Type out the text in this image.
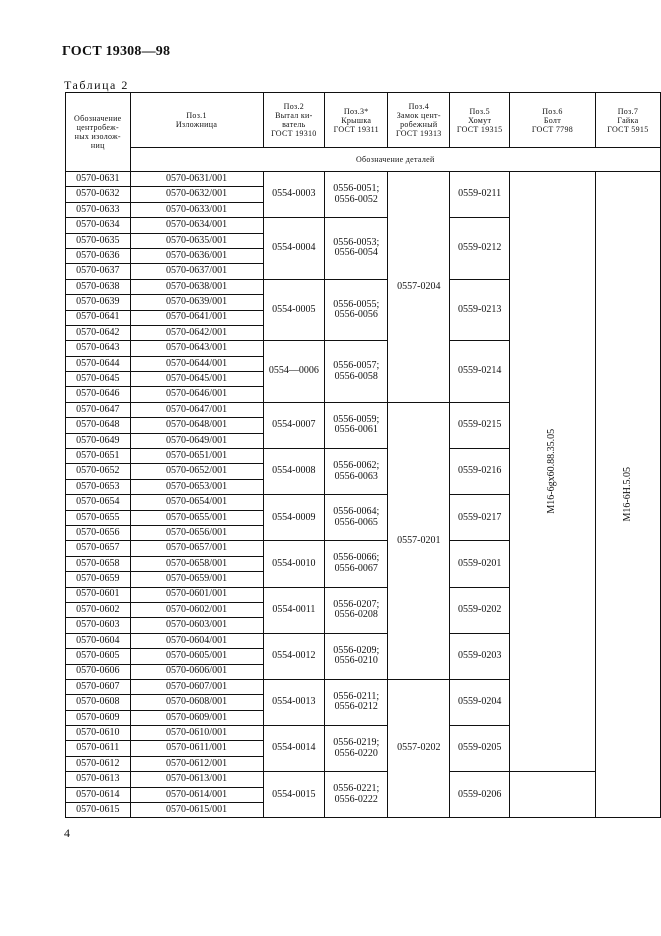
ГОСТ 19308—98
Таблица 2
Обозначение
центробеж-
ных изолож-
ниц	Поз.1
Изложница	Поз.2
Вытал ки-
ватель
ГОСТ 19310	Поз.3*
Крышка
ГОСТ 19311	Поз.4
Замок цент-
робежный
ГОСТ 19313	Поз.5
Хомут
ГОСТ 19315	Поз.6
Болт
ГОСТ 7798	Поз.7
Гайка
ГОСТ 5915
	Обозначение деталей						
0570-0631	0570-0631/001	0554-0003	0556-0051;
0556-0052	0557-0204	0559-0211	M16-6gх60.88.35.05	M16-6H.5.05
0570-0632	0570-0632/001						
0570-0633	0570-0633/001						
0570-0634	0570-0634/001	0554-0004	0556-0053;
0556-0054		0559-0212		
0570-0635	0570-0635/001						
0570-0636	0570-0636/001						
0570-0637	0570-0637/001						
0570-0638	0570-0638/001	0554-0005	0556-0055;
0556-0056		0559-0213		
0570-0639	0570-0639/001						
0570-0641	0570-0641/001						
0570-0642	0570-0642/001						
0570-0643	0570-0643/001	0554—0006	0556-0057;
0556-0058		0559-0214		
0570-0644	0570-0644/001						
0570-0645	0570-0645/001						
0570-0646	0570-0646/001						
0570-0647	0570-0647/001	0554-0007	0556-0059;
0556-0061	0557-0201	0559-0215		
0570-0648	0570-0648/001						
0570-0649	0570-0649/001						
0570-0651	0570-0651/001	0554-0008	0556-0062;
0556-0063		0559-0216		
0570-0652	0570-0652/001						
0570-0653	0570-0653/001						
0570-0654	0570-0654/001	0554-0009	0556-0064;
0556-0065		0559-0217		
0570-0655	0570-0655/001						
0570-0656	0570-0656/001						
0570-0657	0570-0657/001	0554-0010	0556-0066;
0556-0067		0559-0201		
0570-0658	0570-0658/001						
0570-0659	0570-0659/001						
0570-0601	0570-0601/001	0554-0011	0556-0207;
0556-0208		0559-0202		
0570-0602	0570-0602/001						
0570-0603	0570-0603/001						
0570-0604	0570-0604/001	0554-0012	0556-0209;
0556-0210		0559-0203		
0570-0605	0570-0605/001						
0570-0606	0570-0606/001						
0570-0607	0570-0607/001	0554-0013	0556-0211;
0556-0212	0557-0202	0559-0204		
0570-0608	0570-0608/001						
0570-0609	0570-0609/001						
0570-0610	0570-0610/001	0554-0014	0556-0219;
0556-0220		0559-0205		
0570-0611	0570-0611/001						
0570-0612	0570-0612/001						
0570-0613	0570-0613/001	0554-0015	0556-0221;
0556-0222		0559-0206		
0570-0614	0570-0614/001						
0570-0615	0570-0615/001						
4
